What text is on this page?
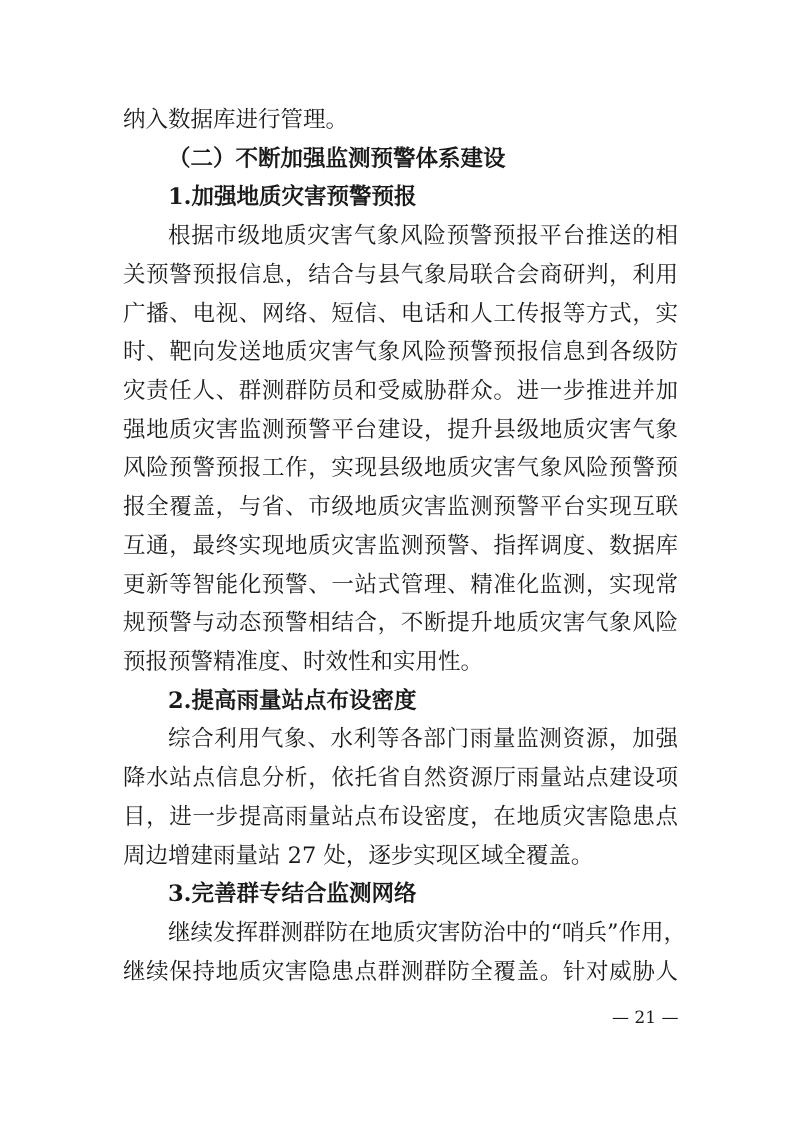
纳入数据库进行管理。
（二）不断加强监测预警体系建设
1.加强地质灾害预警预报
根据市级地质灾害气象风险预警预报平台推送的相
关预警预报信息，结合与县气象局联合会商研判，利用
广播、电视、网络、短信、电话和人工传报等方式，实
时、靶向发送地质灾害气象风险预警预报信息到各级防
灾责任人、群测群防员和受威胁群众。进一步推进并加
强地质灾害监测预警平台建设，提升县级地质灾害气象
风险预警预报工作，实现县级地质灾害气象风险预警预
报全覆盖，与省、市级地质灾害监测预警平台实现互联
互通，最终实现地质灾害监测预警、指挥调度、数据库
更新等智能化预警、一站式管理、精准化监测，实现常
规预警与动态预警相结合，不断提升地质灾害气象风险
预报预警精准度、时效性和实用性。
2.提高雨量站点布设密度
综合利用气象、水利等各部门雨量监测资源，加强
降水站点信息分析，依托省自然资源厅雨量站点建设项
目，进一步提高雨量站点布设密度，在地质灾害隐患点
周边增建雨量站 27 处，逐步实现区域全覆盖。
3.完善群专结合监测网络
继续发挥群测群防在地质灾害防治中的“哨兵”作用，
继续保持地质灾害隐患点群测群防全覆盖。针对威胁人
— 21 —
